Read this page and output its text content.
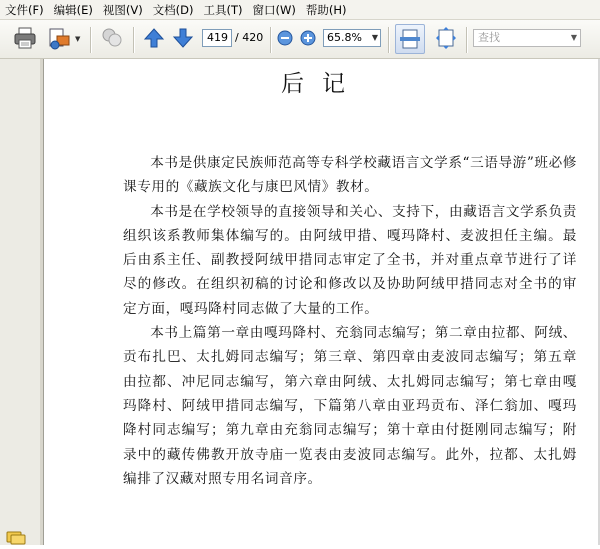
文件(F) 编辑(E) 视图(V) 文档(D) 工具(T) 窗口(W) 帮助(H)
▼	419 / 420	65.8% ▼	查找	▼
后记

本书是供康定民族师范高等专科学校藏语言文学系“三语导游”班必修课专用的《藏族文化与康巴风情》教材。

本书是在学校领导的直接领导和关心、支持下，由藏语言文学系负责组织该系教师集体编写的。由阿绒甲措、嘎玛降村、麦波担任主编。最后由系主任、副教授阿绒甲措同志审定了全书，并对重点章节进行了详尽的修改。在组织初稿的讨论和修改以及协助阿绒甲措同志对全书的审定方面，嘎玛降村同志做了大量的工作。

本书上篇第一章由嘎玛降村、充翁同志编写；第二章由拉都、阿绒、贡布扎巴、太扎姆同志编写；第三章、第四章由麦波同志编写；第五章由拉都、冲尼同志编写，第六章由阿绒、太扎姆同志编写；第七章由嘎玛降村、阿绒甲措同志编写，下篇第八章由亚玛贡布、泽仁翁加、嘎玛降村同志编写；第九章由充翁同志编写；第十章由付挺刚同志编写；附录中的藏传佛教开放寺庙一览表由麦波同志编写。此外，拉都、太扎姆编排了汉藏对照专用名词音序。
